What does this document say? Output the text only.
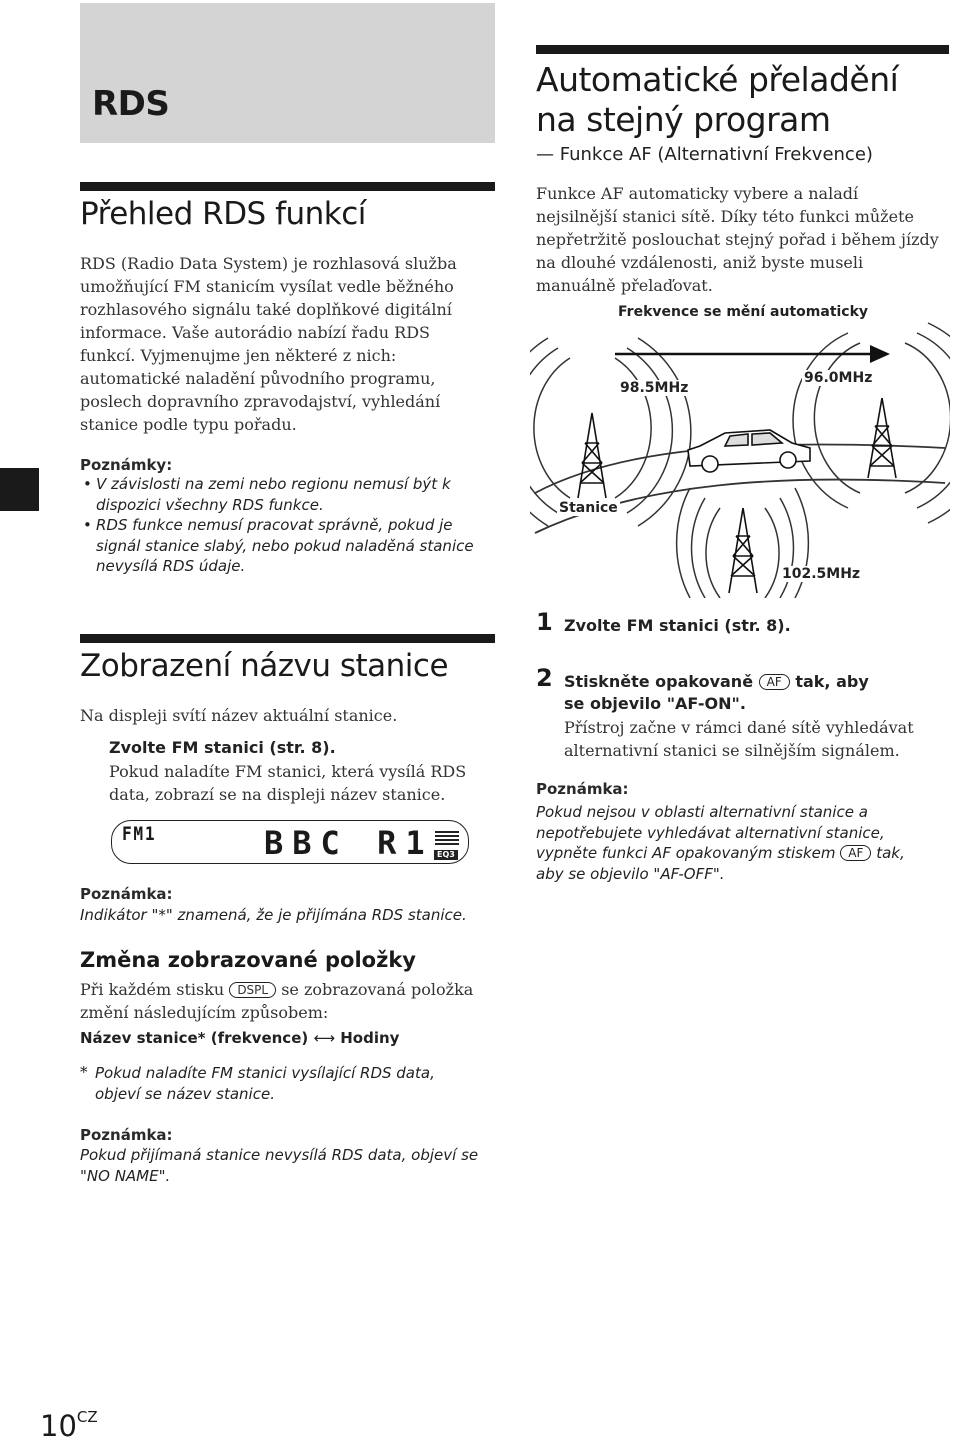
RDS
Přehled RDS funkcí
RDS (Radio Data System) je rozhlasová služba umožňující FM stanicím vysílat vedle běžného rozhlasového signálu také doplňkové digitální informace. Vaše autorádio nabízí řadu RDS funkcí. Vyjmenujme jen některé z nich: automatické naladění původního programu, poslech dopravního zpravodajství, vyhledání stanice podle typu pořadu.
Poznámky:
• V závislosti na zemi nebo regionu nemusí být k dispozici všechny RDS funkce.
• RDS funkce nemusí pracovat správně, pokud je signál stanice slabý, nebo pokud naladěná stanice nevysílá RDS údaje.
Zobrazení názvu stanice
Na displeji svítí název aktuální stanice.
Zvolte FM stanici (str. 8).
Pokud naladíte FM stanici, která vysílá RDS data, zobrazí se na displeji název stanice.
FM1	BBC R1 EQ3
Poznámka:
Indikátor "*" znamená, že je přijímána RDS stanice.
Změna zobrazované položky
Při každém stisku DSPL se zobrazovaná položka změní následujícím způsobem:
Název stanice* (frekvence) ⟷ Hodiny
* Pokud naladíte FM stanici vysílající RDS data, objeví se název stanice.
Poznámka:
Pokud přijímaná stanice nevysílá RDS data, objeví se "NO NAME".
Automatické přeladění
na stejný program
— Funkce AF (Alternativní Frekvence)
Funkce AF automaticky vybere a naladí nejsilnější stanici sítě. Díky této funkci můžete nepřetržitě poslouchat stejný pořad i během jízdy na dlouhé vzdálenosti, aniž byste museli manuálně přelaďovat.
Frekvence se mění automaticky
98.5MHz
96.0MHz
102.5MHz
Stanice
1 Zvolte FM stanici (str. 8).
2 Stiskněte opakovaně AF tak, aby
se objevilo "AF-ON".
Přístroj začne v rámci dané sítě vyhledávat alternativní stanici se silnějším signálem.
Poznámka:
Pokud nejsou v oblasti alternativní stanice a nepotřebujete vyhledávat alternativní stanice, vypněte funkci AF opakovaným stiskem AF tak, aby se objevilo "AF-OFF".
$10^{CZ}$
